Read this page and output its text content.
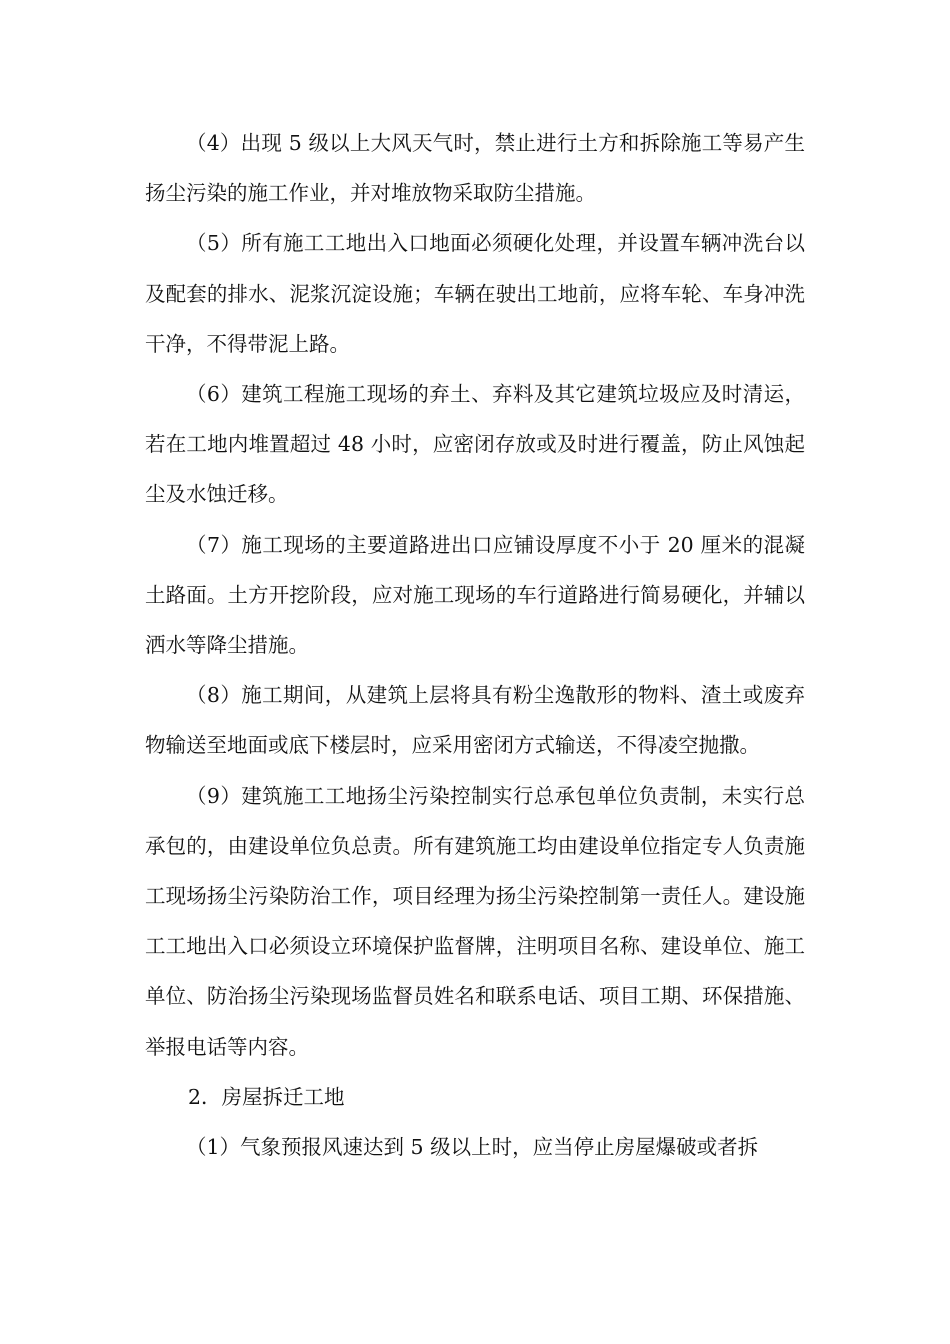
（4）出现 5 级以上大风天气时，禁止进行土方和拆除施工等易产生扬尘污染的施工作业，并对堆放物采取防尘措施。

（5）所有施工工地出入口地面必须硬化处理，并设置车辆冲洗台以及配套的排水、泥浆沉淀设施；车辆在驶出工地前，应将车轮、车身冲洗干净，不得带泥上路。

（6）建筑工程施工现场的弃土、弃料及其它建筑垃圾应及时清运，若在工地内堆置超过 48 小时，应密闭存放或及时进行覆盖，防止风蚀起尘及水蚀迁移。

（7）施工现场的主要道路进出口应铺设厚度不小于 20 厘米的混凝土路面。土方开挖阶段，应对施工现场的车行道路进行简易硬化，并辅以洒水等降尘措施。

（8）施工期间，从建筑上层将具有粉尘逸散形的物料、渣土或废弃物输送至地面或底下楼层时，应采用密闭方式输送，不得凌空抛撒。

（9）建筑施工工地扬尘污染控制实行总承包单位负责制，未实行总承包的，由建设单位负总责。所有建筑施工均由建设单位指定专人负责施工现场扬尘污染防治工作，项目经理为扬尘污染控制第一责任人。建设施工工地出入口必须设立环境保护监督牌，注明项目名称、建设单位、施工单位、防治扬尘污染现场监督员姓名和联系电话、项目工期、环保措施、举报电话等内容。

2．房屋拆迁工地

（1）气象预报风速达到 5 级以上时，应当停止房屋爆破或者拆
